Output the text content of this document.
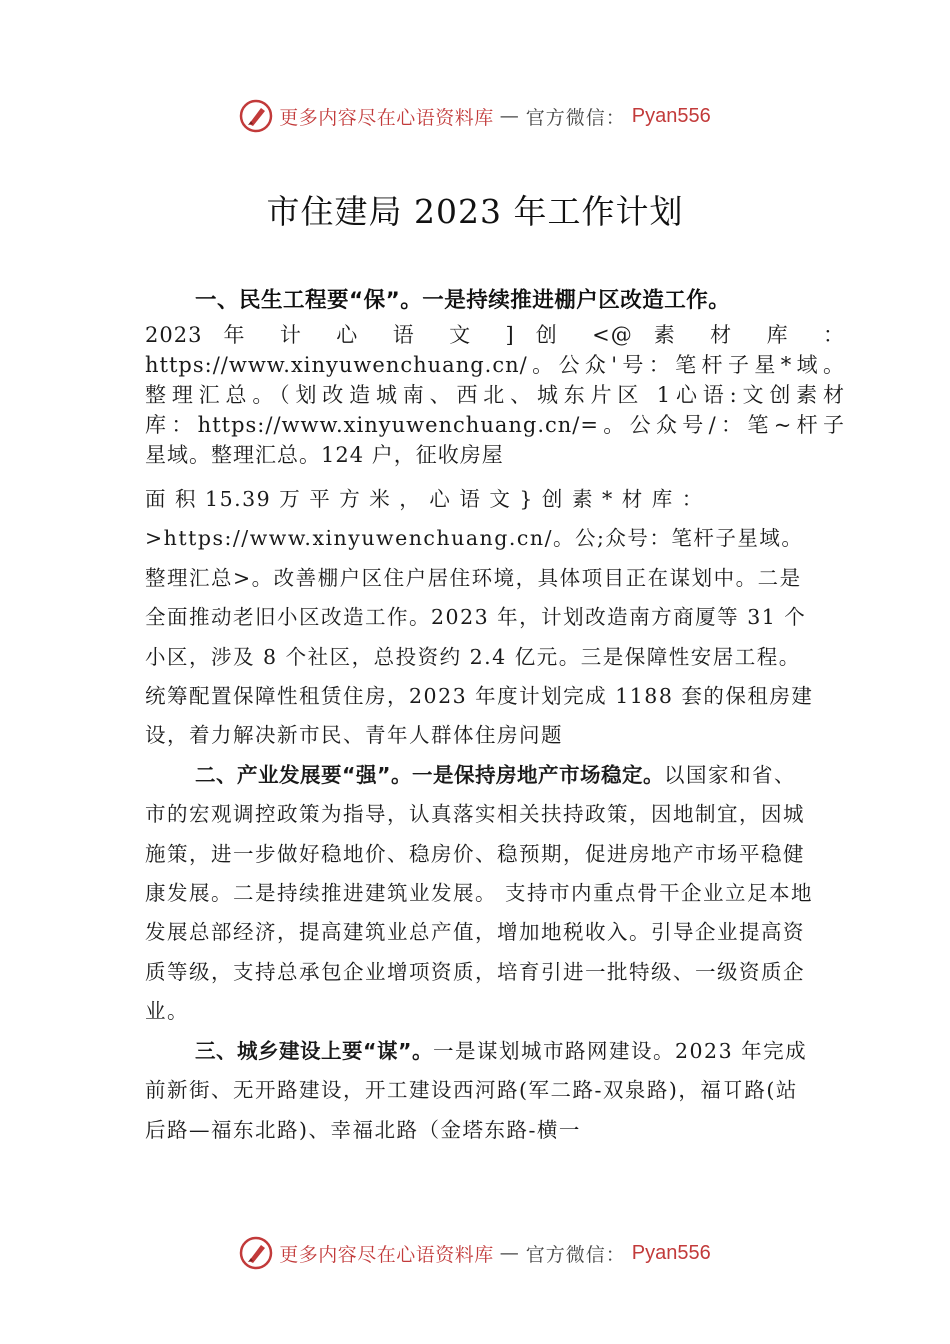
更多内容尽在心语资料库 — 官方微信： Pyan556
市住建局 2023 年工作计划
一、民生工程要“保”。一是持续推进棚户区改造工作。
2023 年 计 心 语 文 ] 创 <@ 素 材 库 ：
https://www.xinyuwenchuang.cn/。公众'号：笔杆子星*域。
整理汇总。（划改造城南、西北、城东片区 1心语:文创素材
库：https://www.xinyuwenchuang.cn/=。公众号/：笔~杆子
星域。整理汇总。124 户，征收房屋
面 积 15.39 万 平 方 米 ， 心 语 文 } 创 素 * 材 库 ：>https://www.xinyuwenchuang.cn/。公;众号：笔杆子星域。整理汇总>。改善棚户区住户居住环境，具体项目正在谋划中。二是全面推动老旧小区改造工作。2023 年，计划改造南方商厦等 31 个小区，涉及 8 个社区，总投资约 2.4 亿元。三是保障性安居工程。统筹配置保障性租赁住房，2023 年度计划完成 1188 套的保租房建设，着力解决新市民、青年人群体住房问题
二、产业发展要“强”。一是保持房地产市场稳定。以国家和省、市的宏观调控政策为指导，认真落实相关扶持政策，因地制宜，因城施策，进一步做好稳地价、稳房价、稳预期，促进房地产市场平稳健康发展。二是持续推进建筑业发展。 支持市内重点骨干企业立足本地发展总部经济，提高建筑业总产值，增加地税收入。引导企业提高资质等级，支持总承包企业增项资质，培育引进一批特级、一级资质企业。
三、城乡建设上要“谋”。一是谋划城市路网建设。2023 年完成前新街、无开路建设，开工建设西河路(军二路-双泉路)，福㔿路(站后路—福东北路)、幸福北路（金塔东路-横一
更多内容尽在心语资料库 — 官方微信： Pyan556
